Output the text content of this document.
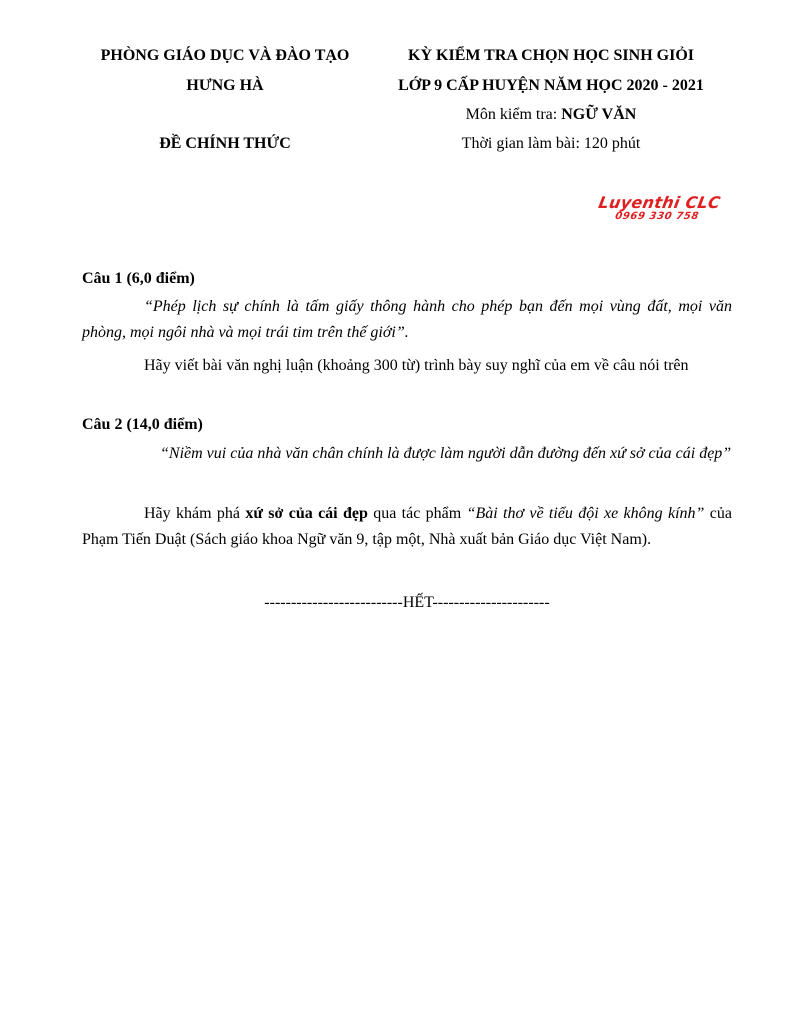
PHÒNG GIÁO DỤC VÀ ĐÀO TẠO
HƯNG HÀ
ĐỀ CHÍNH THỨC
KỲ KIỂM TRA CHỌN HỌC SINH GIỎI
LỚP 9 CẤP HUYỆN NĂM HỌC 2020 - 2021
Môn kiểm tra: NGỮ VĂN
Thời gian làm bài: 120 phút
Luyenthi CLC
0969 330 758
Câu 1 (6,0 điểm)
“Phép lịch sự chính là tấm giấy thông hành cho phép bạn đến mọi vùng đất, mọi văn phòng, mọi ngôi nhà và mọi trái tim trên thế giới”.
Hãy viết bài văn nghị luận (khoảng 300 từ) trình bày suy nghĩ của em về câu nói trên
Câu 2 (14,0 điểm)
“Niềm vui của nhà văn chân chính là được làm người dẫn đường đến xứ sở của cái đẹp”
Hãy khám phá xứ sở của cái đẹp qua tác phẩm “Bài thơ về tiểu đội xe không kính” của Phạm Tiến Duật (Sách giáo khoa Ngữ văn 9, tập một, Nhà xuất bản Giáo dục Việt Nam).
--------------------------HẾT----------------------
